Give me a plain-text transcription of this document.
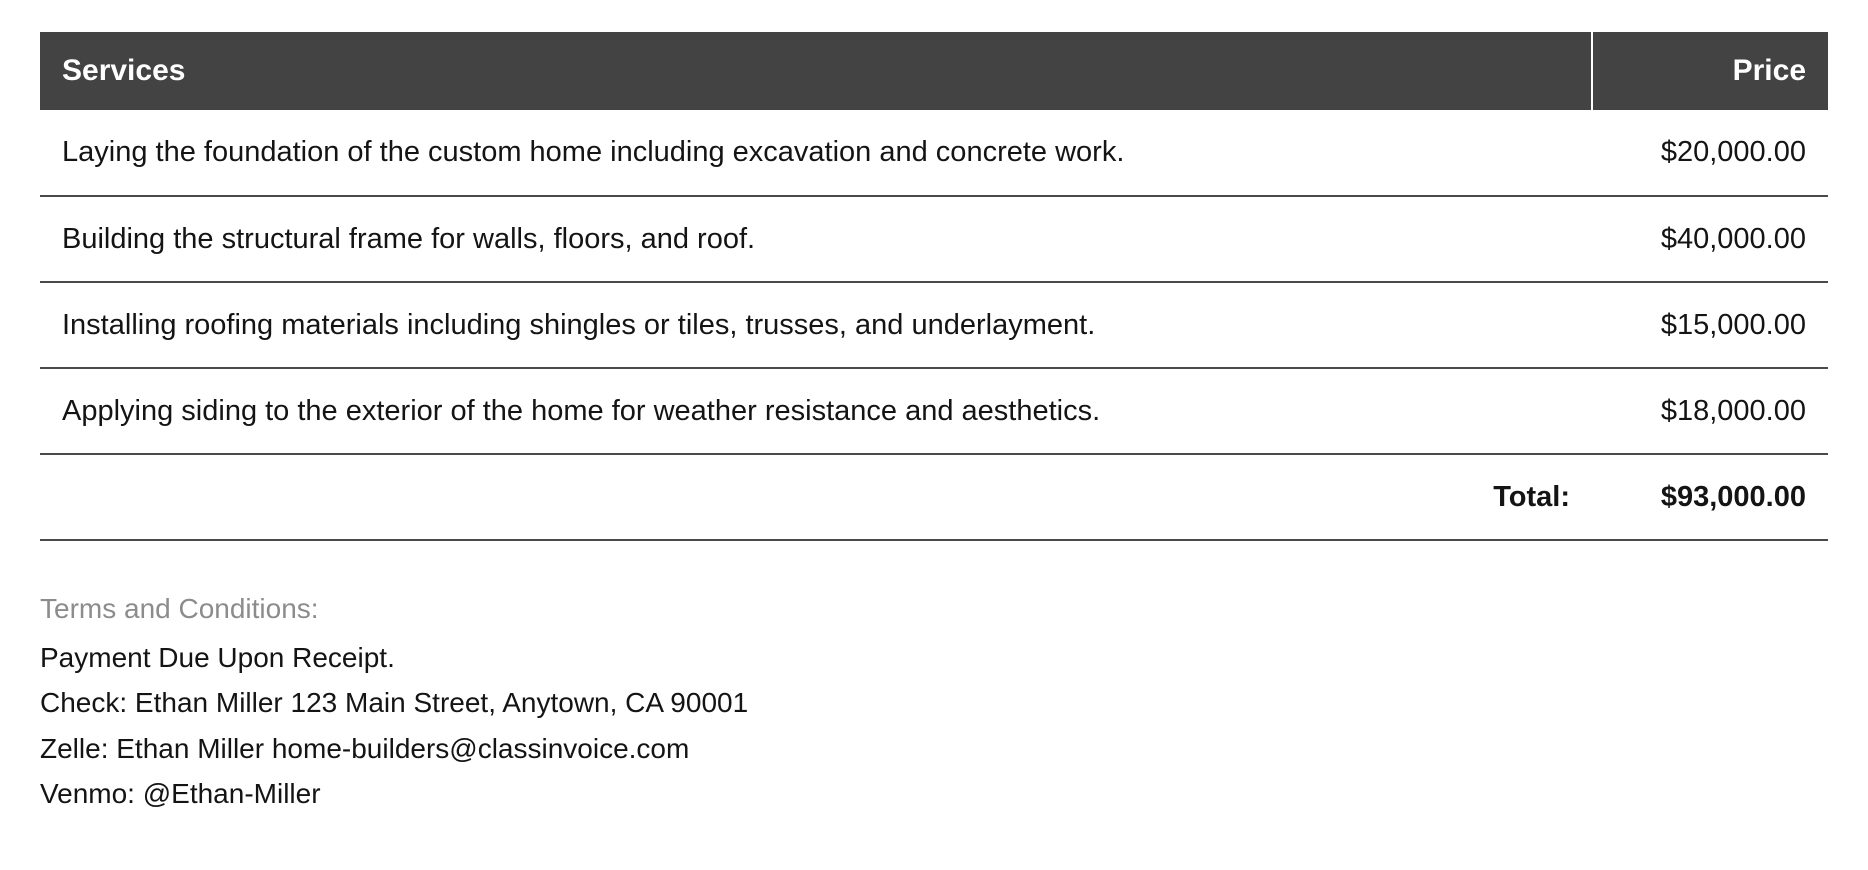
Services	Price
Laying the foundation of the custom home including excavation and concrete work.	$20,000.00
Building the structural frame for walls, floors, and roof.	$40,000.00
Installing roofing materials including shingles or tiles, trusses, and underlayment.	$15,000.00
Applying siding to the exterior of the home for weather resistance and aesthetics.	$18,000.00
Total:	$93,000.00
Terms and Conditions:
Payment Due Upon Receipt.
Check: Ethan Miller 123 Main Street, Anytown, CA 90001
Zelle: Ethan Miller home-builders@classinvoice.com
Venmo: @Ethan-Miller
